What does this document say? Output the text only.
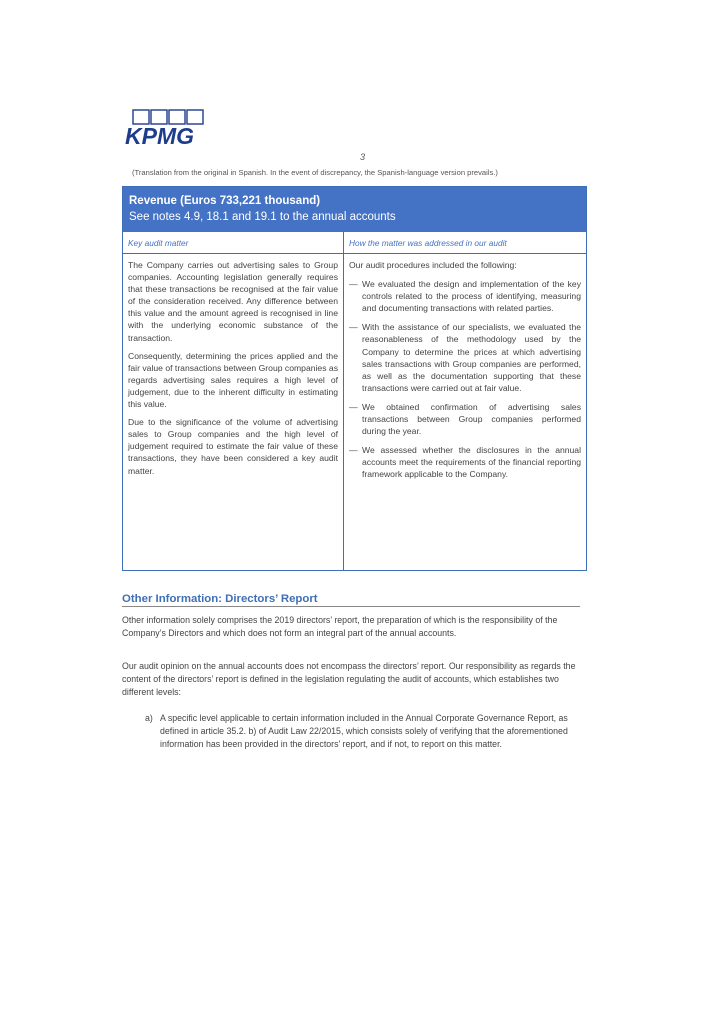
KPMG
3
(Translation from the original in Spanish. In the event of discrepancy, the Spanish-language version prevails.)
Revenue (Euros 733,221 thousand)
See notes 4.9, 18.1 and 19.1 to the annual accounts
Key audit matter

The Company carries out advertising sales to Group companies. Accounting legislation generally requires that these transactions be recognised at the fair value of the consideration received. Any difference between this value and the amount agreed is recognised in line with the underlying economic substance of the transaction.

Consequently, determining the prices applied and the fair value of transactions between Group companies as regards advertising sales requires a high level of judgement, due to the inherent difficulty in estimating this value.

Due to the significance of the volume of advertising sales to Group companies and the high level of judgement required to estimate the fair value of these transactions, they have been considered a key audit matter.

How the matter was addressed in our audit

Our audit procedures included the following:

— We evaluated the design and implementation of the key controls related to the process of identifying, measuring and documenting transactions with related parties.
— With the assistance of our specialists, we evaluated the reasonableness of the methodology used by the Company to determine the prices at which advertising sales transactions with Group companies are performed, as well as the documentation supporting that these transactions were carried out at fair value.
— We obtained confirmation of advertising sales transactions between Group companies performed during the year.
— We assessed whether the disclosures in the annual accounts meet the requirements of the financial reporting framework applicable to the Company.
Other Information: Directors’ Report
Other information solely comprises the 2019 directors’ report, the preparation of which is the responsibility of the Company’s Directors and which does not form an integral part of the annual accounts.
Our audit opinion on the annual accounts does not encompass the directors’ report. Our responsibility as regards the content of the directors’ report is defined in the legislation regulating the audit of accounts, which establishes two different levels:
a) A specific level applicable to certain information included in the Annual Corporate Governance Report, as defined in article 35.2. b) of Audit Law 22/2015, which consists solely of verifying that the aforementioned information has been provided in the directors’ report, and if not, to report on this matter.
